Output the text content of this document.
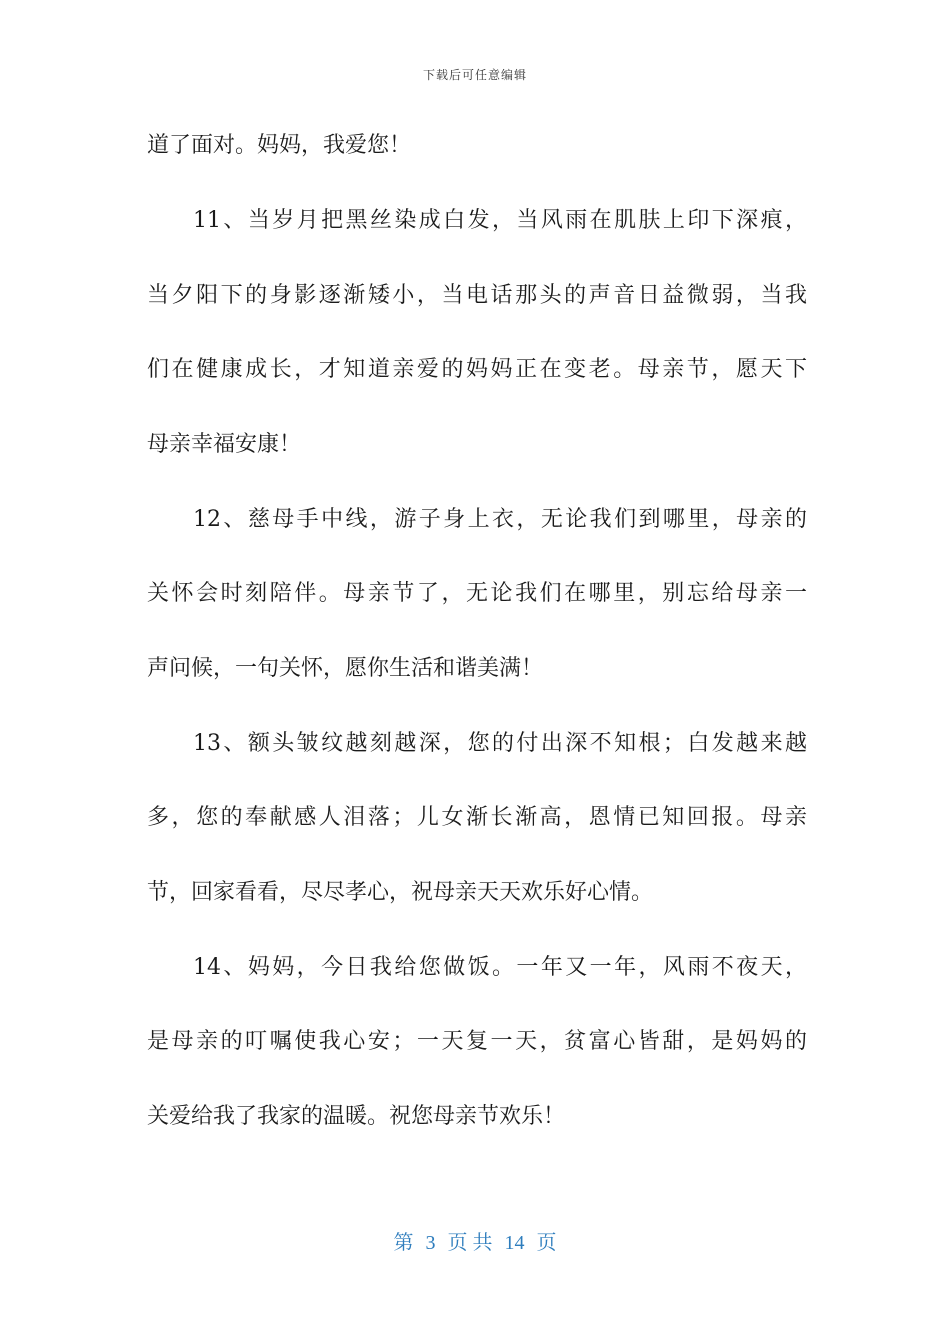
下载后可任意编辑
道了面对。妈妈，我爱您！
11、当岁月把黑丝染成白发，当风雨在肌肤上印下深痕，
当夕阳下的身影逐渐矮小，当电话那头的声音日益微弱，当我
们在健康成长，才知道亲爱的妈妈正在变老。母亲节，愿天下
母亲幸福安康！
12、慈母手中线，游子身上衣，无论我们到哪里，母亲的
关怀会时刻陪伴。母亲节了，无论我们在哪里，别忘给母亲一
声问候，一句关怀，愿你生活和谐美满！
13、额头皱纹越刻越深，您的付出深不知根；白发越来越
多，您的奉献感人泪落；儿女渐长渐高，恩情已知回报。母亲
节，回家看看，尽尽孝心，祝母亲天天欢乐好心情。
14、妈妈，今日我给您做饭。一年又一年，风雨不夜天，
是母亲的叮嘱使我心安；一天复一天，贫富心皆甜，是妈妈的
关爱给我了我家的温暖。祝您母亲节欢乐！
第 3 页 共 14 页
